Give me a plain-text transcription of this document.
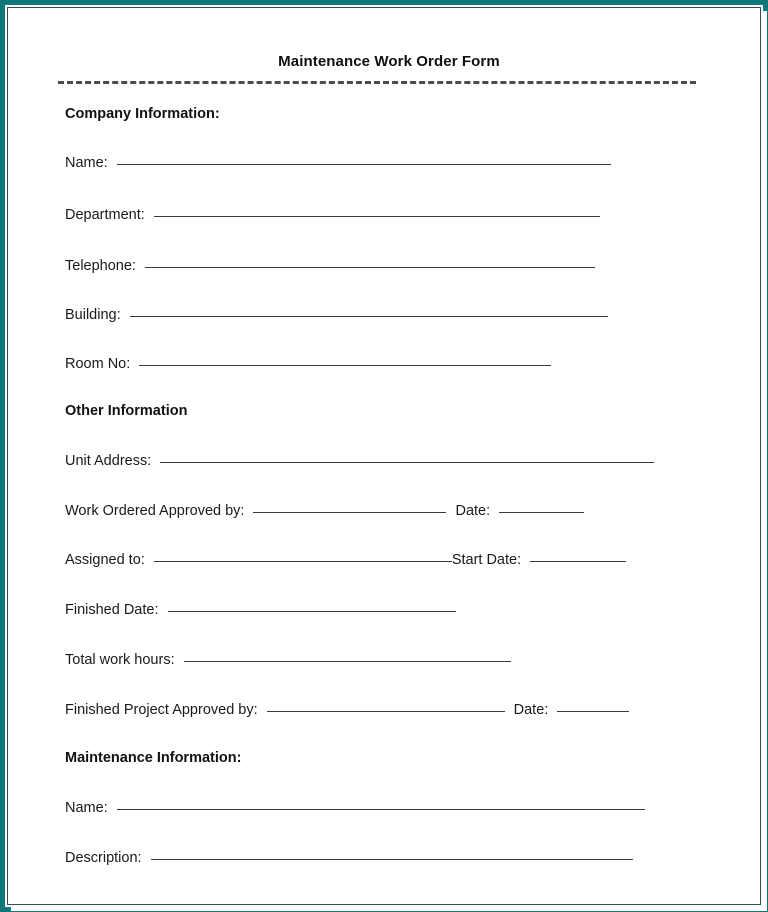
Maintenance Work Order Form
Company Information:
Name:
Department:
Telephone:
Building:
Room No:
Other Information
Unit Address:
Work Ordered Approved by:	Date:
Assigned to:	Start Date:
Finished Date:
Total work hours:
Finished Project Approved by:	Date:
Maintenance Information:
Name:
Description:
